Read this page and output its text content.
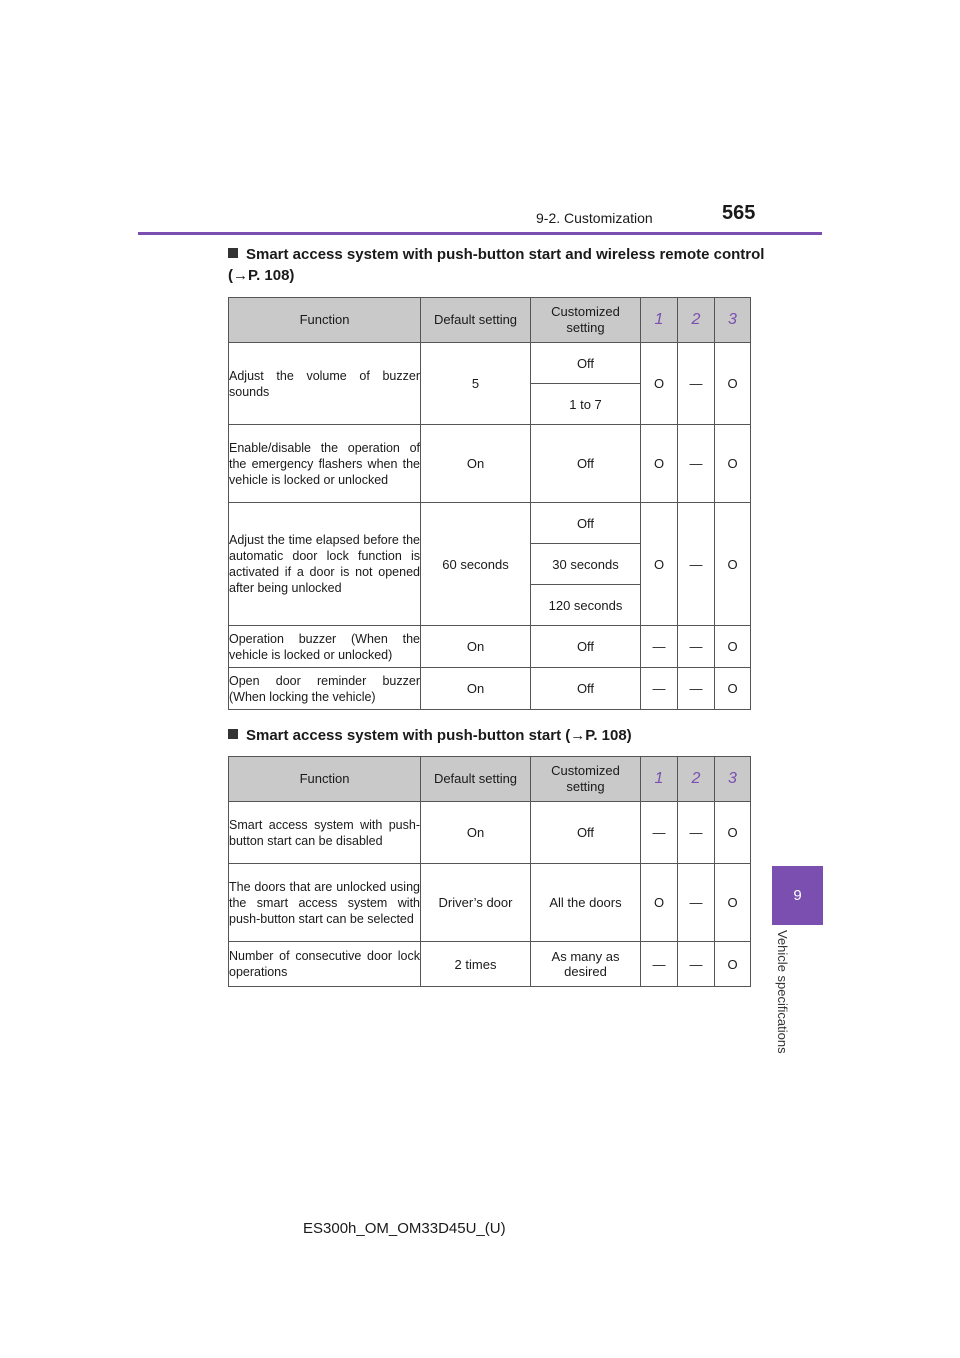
9-2. Customization	565
9
Vehicle specifications
Smart access system with push-button start and wireless remote control
(→P. 108)
Function	Default setting	Customized setting	1	2	3
Adjust the volume of buzzer sounds	5	Off	O	—	O
		1 to 7			
Enable/disable the operation of the emergency flashers when the vehicle is locked or unlocked	On	Off	O	—	O
Adjust the time elapsed before the automatic door lock function is activated if a door is not opened after being unlocked	60 seconds	Off	O	—	O
		30 seconds			
		120 seconds			
Operation buzzer (When the vehicle is locked or unlocked)	On	Off	—	—	O
Open door reminder buzzer (When locking the vehicle)	On	Off	—	—	O
Smart access system with push-button start (→P. 108)
Function	Default setting	Customized setting	1	2	3
Smart access system with push-button start can be disabled	On	Off	—	—	O
The doors that are unlocked using the smart access system with push-button start can be selected	Driver’s door	All the doors	O	—	O
Number of consecutive door lock operations	2 times	As many as desired	—	—	O
ES300h_OM_OM33D45U_(U)
